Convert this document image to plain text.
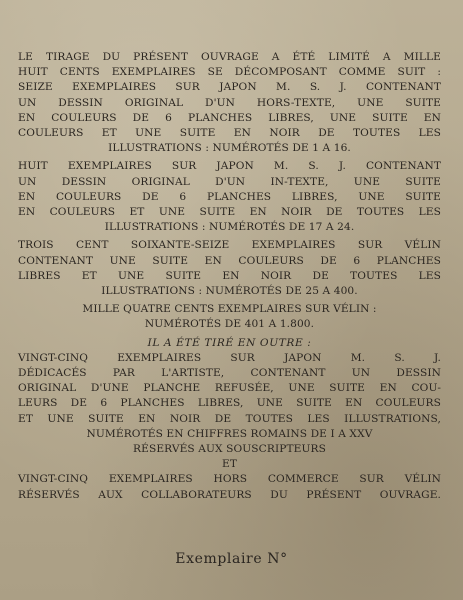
LE TIRAGE DU PRÉSENT OUVRAGE A ÉTÉ LIMITÉ A MILLE
HUIT CENTS EXEMPLAIRES SE DÉCOMPOSANT COMME SUIT :
SEIZE EXEMPLAIRES SUR JAPON M. S. J. CONTENANT
UN DESSIN ORIGINAL D'UN HORS-TEXTE, UNE SUITE
EN COULEURS DE 6 PLANCHES LIBRES, UNE SUITE EN
COULEURS ET UNE SUITE EN NOIR DE TOUTES LES
ILLUSTRATIONS : NUMÉROTÉS DE 1 A 16.

HUIT EXEMPLAIRES SUR JAPON M. S. J. CONTENANT
UN DESSIN ORIGINAL D'UN IN-TEXTE, UNE SUITE
EN COULEURS DE 6 PLANCHES LIBRES, UNE SUITE
EN COULEURS ET UNE SUITE EN NOIR DE TOUTES LES
ILLUSTRATIONS : NUMÉROTÉS DE 17 A 24.

TROIS CENT SOIXANTE-SEIZE EXEMPLAIRES SUR VÉLIN
CONTENANT UNE SUITE EN COULEURS DE 6 PLANCHES
LIBRES ET UNE SUITE EN NOIR DE TOUTES LES
ILLUSTRATIONS : NUMÉROTÉS DE 25 A 400.

MILLE QUATRE CENTS EXEMPLAIRES SUR VÉLIN :
NUMÉROTÉS DE 401 A 1.800.

IL A ÉTÉ TIRÉ EN OUTRE :

VINGT-CINQ EXEMPLAIRES SUR JAPON M. S. J.
DÉDICACÉS PAR L'ARTISTE, CONTENANT UN DESSIN
ORIGINAL D'UNE PLANCHE REFUSÉE, UNE SUITE EN COU-
LEURS DE 6 PLANCHES LIBRES, UNE SUITE EN COULEURS
ET UNE SUITE EN NOIR DE TOUTES LES ILLUSTRATIONS,
NUMÉROTÉS EN CHIFFRES ROMAINS DE I A XXV
RÉSERVÉS AUX SOUSCRIPTEURS

ET

VINGT-CINQ EXEMPLAIRES HORS COMMERCE SUR VÉLIN
RÉSERVÉS AUX COLLABORATEURS DU PRÉSENT OUVRAGE.

Exemplaire N°
